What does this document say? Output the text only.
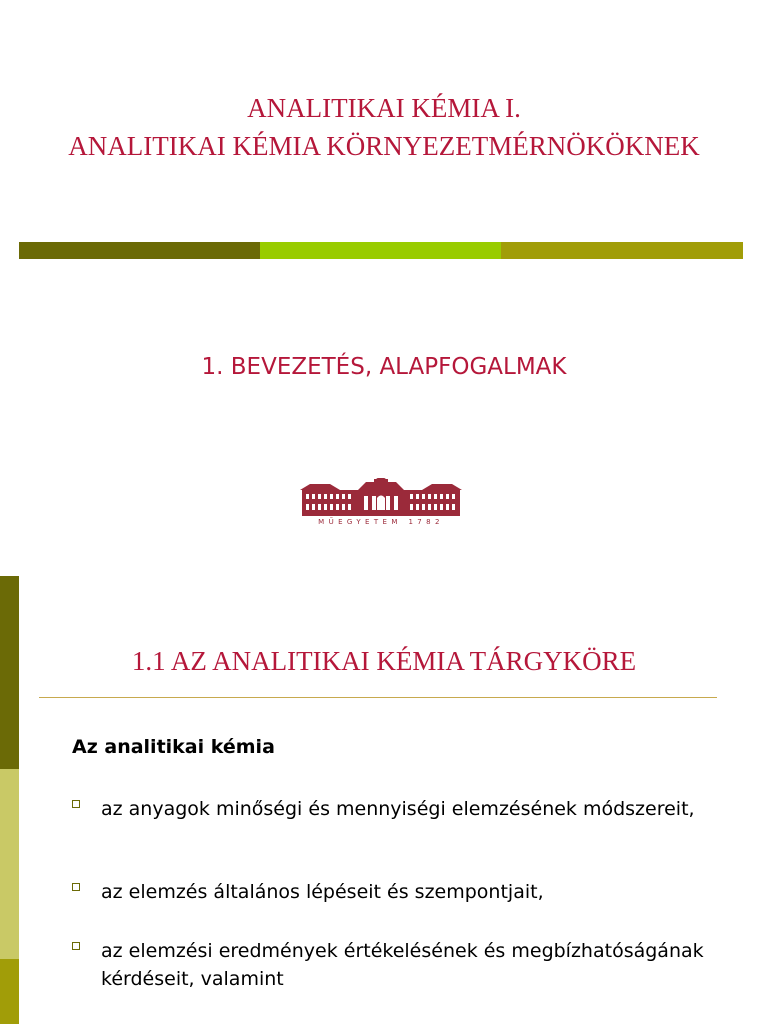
ANALITIKAI KÉMIA I.
ANALITIKAI KÉMIA KÖRNYEZETMÉRNÖKÖKNEK
1. BEVEZETÉS, ALAPFOGALMAK
MŰEGYETEM 1782
1.1 AZ ANALITIKAI KÉMIA TÁRGYKÖRE
Az analitikai kémia
az anyagok minőségi és mennyiségi elemzésének módszereit,
az elemzés általános lépéseit és szempontjait,
az elemzési eredmények értékelésének és megbízhatóságának kérdéseit, valamint
